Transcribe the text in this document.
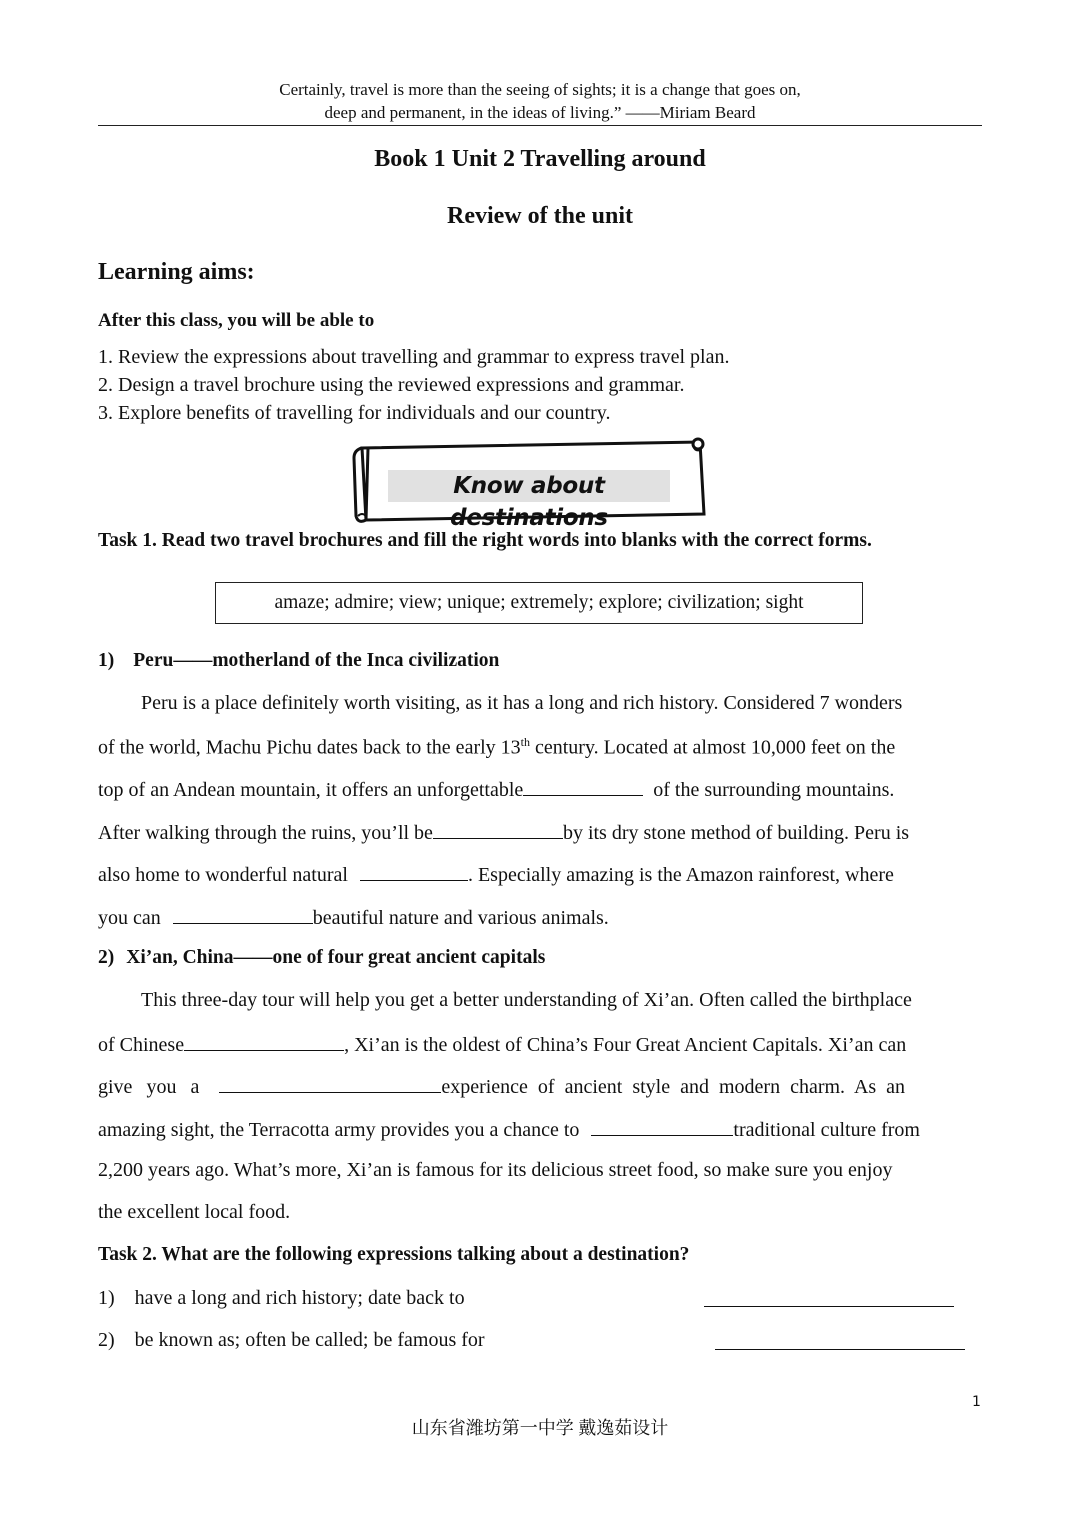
Certainly, travel is more than the seeing of sights; it is a change that goes on,
deep and permanent, in the ideas of living.” ——Miriam Beard
Book 1 Unit 2 Travelling around
Review of the unit
Learning aims:
After this class, you will be able to
1. Review the expressions about travelling and grammar to express travel plan.
2. Design a travel brochure using the reviewed expressions and grammar.
3. Explore benefits of travelling for individuals and our country.
Know about destinations
Task 1. Read two travel brochures and fill the right words into blanks with the correct forms.
amaze; admire; view; unique; extremely; explore; civilization; sight
1) Peru——motherland of the Inca civilization
Peru is a place definitely worth visiting, as it has a long and rich history. Considered 7 wonders
of the world, Machu Pichu dates back to the early 13th century. Located at almost 10,000 feet on the
top of an Andean mountain, it offers an unforgettable	of the surrounding mountains.
After walking through the ruins, you’ll be	by its dry stone method of building. Peru is
also home to wonderful natural	. Especially amazing is the Amazon rainforest, where
you can	beautiful nature and various animals.
2) Xi’an, China——one of four great ancient capitals
This three-day tour will help you get a better understanding of Xi’an. Often called the birthplace
of Chinese	, Xi’an is the oldest of China’s Four Great Ancient Capitals. Xi’an can
give you a	experience  of  ancient  style  and  modern  charm.  As  an
amazing sight, the Terracotta army provides you a chance to	traditional culture from
2,200 years ago. What’s more, Xi’an is famous for its delicious street food, so make sure you enjoy
the excellent local food.
Task 2. What are the following expressions talking about a destination?
1) have a long and rich history; date back to
2) be known as; often be called; be famous for
1
山东省潍坊第一中学 戴逸茹设计
